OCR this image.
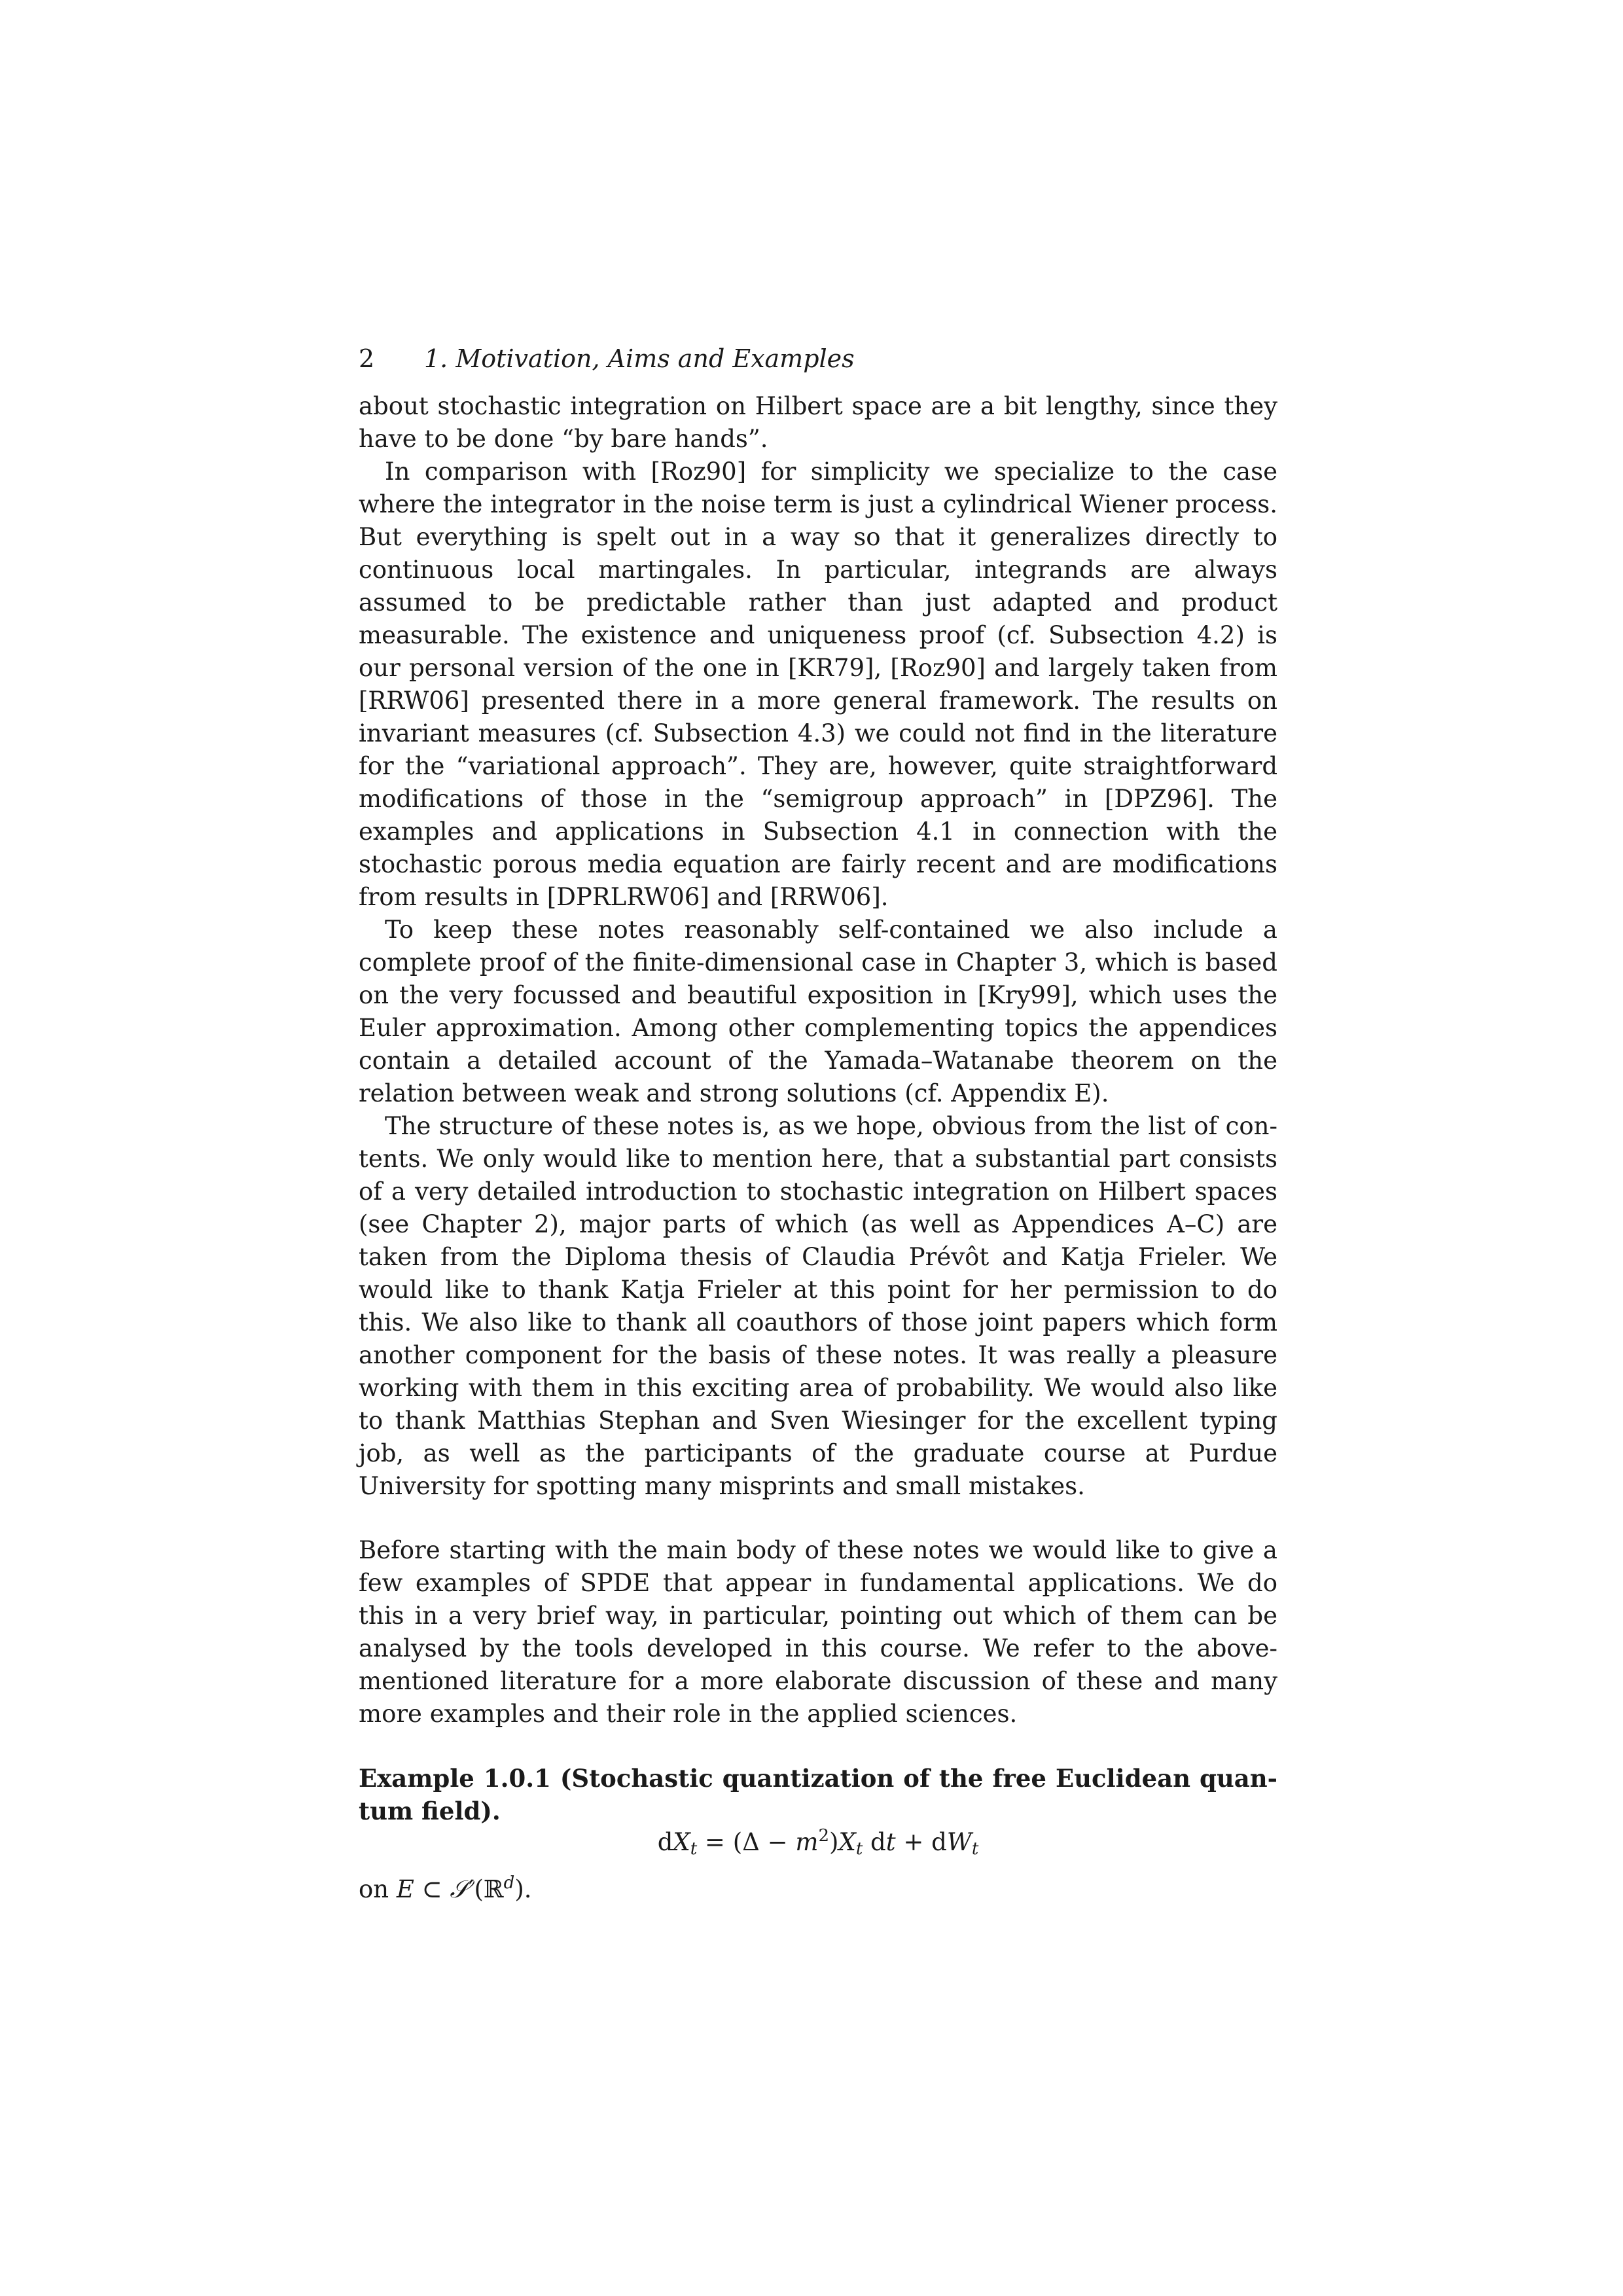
2 1. Motivation, Aims and Examples

about stochastic integration on Hilbert space are a bit lengthy, since they have to be done “by bare hands”.

In comparison with [Roz90] for simplicity we specialize to the case where the integrator in the noise term is just a cylindrical Wiener process. But everything is spelt out in a way so that it generalizes directly to continuous local martingales. In particular, integrands are always assumed to be predictable rather than just adapted and product measurable. The existence and uniqueness proof (cf. Subsection 4.2) is our personal version of the one in [KR79], [Roz90] and largely taken from [RRW06] presented there in a more general framework. The results on invariant measures (cf. Subsection 4.3) we could not find in the literature for the “variational approach”. They are, however, quite straightforward modifications of those in the “semigroup approach” in [DPZ96]. The examples and applications in Subsection 4.1 in connection with the stochastic porous media equation are fairly recent and are modifications from results in [DPRLRW06] and [RRW06].

To keep these notes reasonably self-contained we also include a complete proof of the finite-dimensional case in Chapter 3, which is based on the very focussed and beautiful exposition in [Kry99], which uses the Euler approximation. Among other complementing topics the appendices contain a detailed account of the Yamada–Watanabe theorem on the relation between weak and strong solutions (cf. Appendix E).

The structure of these notes is, as we hope, obvious from the list of contents. We only would like to mention here, that a substantial part consists of a very detailed introduction to stochastic integration on Hilbert spaces (see Chapter 2), major parts of which (as well as Appendices A–C) are taken from the Diploma thesis of Claudia Prévôt and Katja Frieler. We would like to thank Katja Frieler at this point for her permission to do this. We also like to thank all coauthors of those joint papers which form another component for the basis of these notes. It was really a pleasure working with them in this exciting area of probability. We would also like to thank Matthias Stephan and Sven Wiesinger for the excellent typing job, as well as the participants of the graduate course at Purdue University for spotting many misprints and small mistakes.

Before starting with the main body of these notes we would like to give a few examples of SPDE that appear in fundamental applications. We do this in a very brief way, in particular, pointing out which of them can be analysed by the tools developed in this course. We refer to the above-mentioned literature for a more elaborate discussion of these and many more examples and their role in the applied sciences.

Example 1.0.1 (Stochastic quantization of the free Euclidean quantum field).

$dX_t = (\Delta - m^2)X_t$ dt + $dW_t$

on E ⊂ 𝒮′(ℝ$^d$).
